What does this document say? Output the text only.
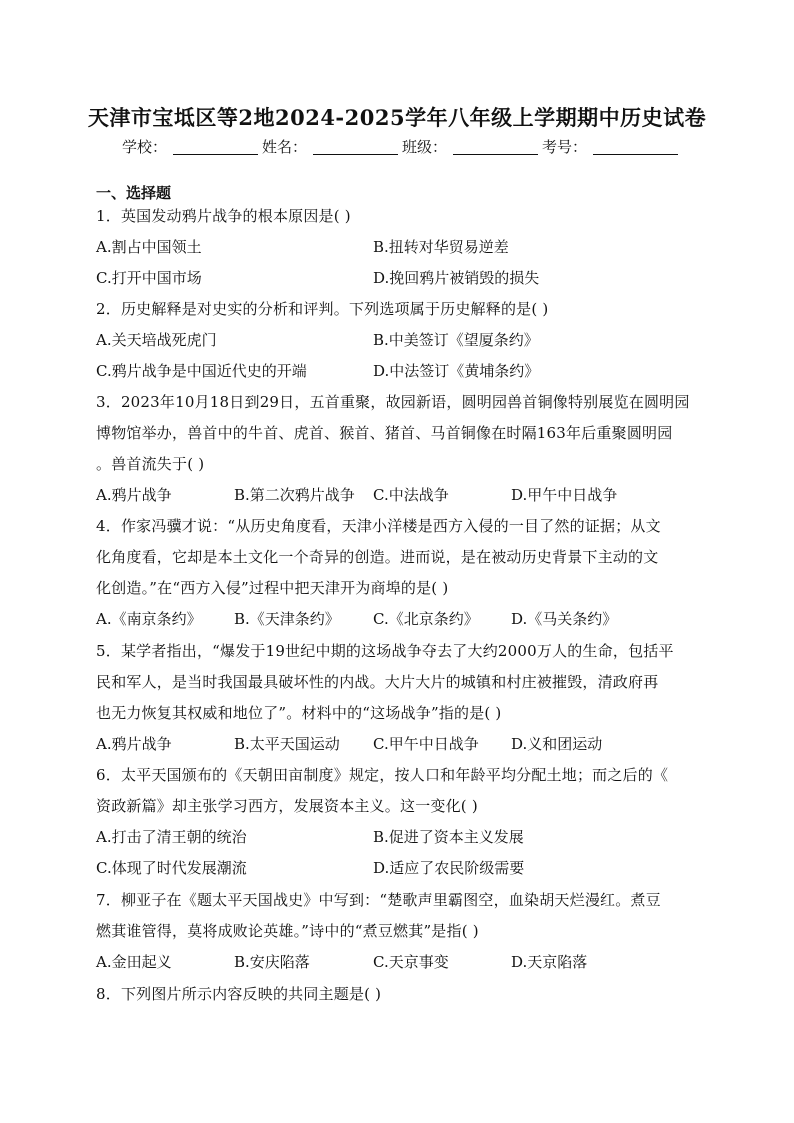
天津市宝坻区等2地2024-2025学年八年级上学期期中历史试卷
学校：	姓名：	班级：	考号：
一、选择题
1．英国发动鸦片战争的根本原因是( )
A.割占中国领土	B.扭转对华贸易逆差
C.打开中国市场	D.挽回鸦片被销毁的损失
2．历史解释是对史实的分析和评判。下列选项属于历史解释的是( )
A.关天培战死虎门	B.中美签订《望厦条约》
C.鸦片战争是中国近代史的开端	D.中法签订《黄埔条约》
3．2023年10月18日到29日，五首重聚，故园新语，圆明园兽首铜像特别展览在圆明园
博物馆举办，兽首中的牛首、虎首、猴首、猪首、马首铜像在时隔163年后重聚圆明园
。兽首流失于( )
A.鸦片战争	B.第二次鸦片战争 C.中法战争	D.甲午中日战争
4．作家冯骥才说：“从历史角度看，天津小洋楼是西方入侵的一目了然的证据；从文
化角度看，它却是本土文化一个奇异的创造。进而说，是在被动历史背景下主动的文
化创造。”在“西方入侵”过程中把天津开为商埠的是( )
A.《南京条约》 B.《天津条约》 C.《北京条约》 D.《马关条约》
5．某学者指出，“爆发于19世纪中期的这场战争夺去了大约2000万人的生命，包括平
民和军人，是当时我国最具破坏性的内战。大片大片的城镇和村庄被摧毁，清政府再
也无力恢复其权威和地位了”。材料中的“这场战争”指的是( )
A.鸦片战争	B.太平天国运动 C.甲午中日战争 D.义和团运动
6．太平天国颁布的《天朝田亩制度》规定，按人口和年龄平均分配土地；而之后的《
资政新篇》却主张学习西方，发展资本主义。这一变化( )
A.打击了清王朝的统治	B.促进了资本主义发展
C.体现了时代发展潮流	D.适应了农民阶级需要
7．柳亚子在《题太平天国战史》中写到：“楚歌声里霸图空，血染胡天烂漫红。煮豆
燃萁谁管得，莫将成败论英雄。”诗中的“煮豆燃萁”是指( )
A.金田起义	B.安庆陷落	C.天京事变	D.天京陷落
8．下列图片所示内容反映的共同主题是( )
